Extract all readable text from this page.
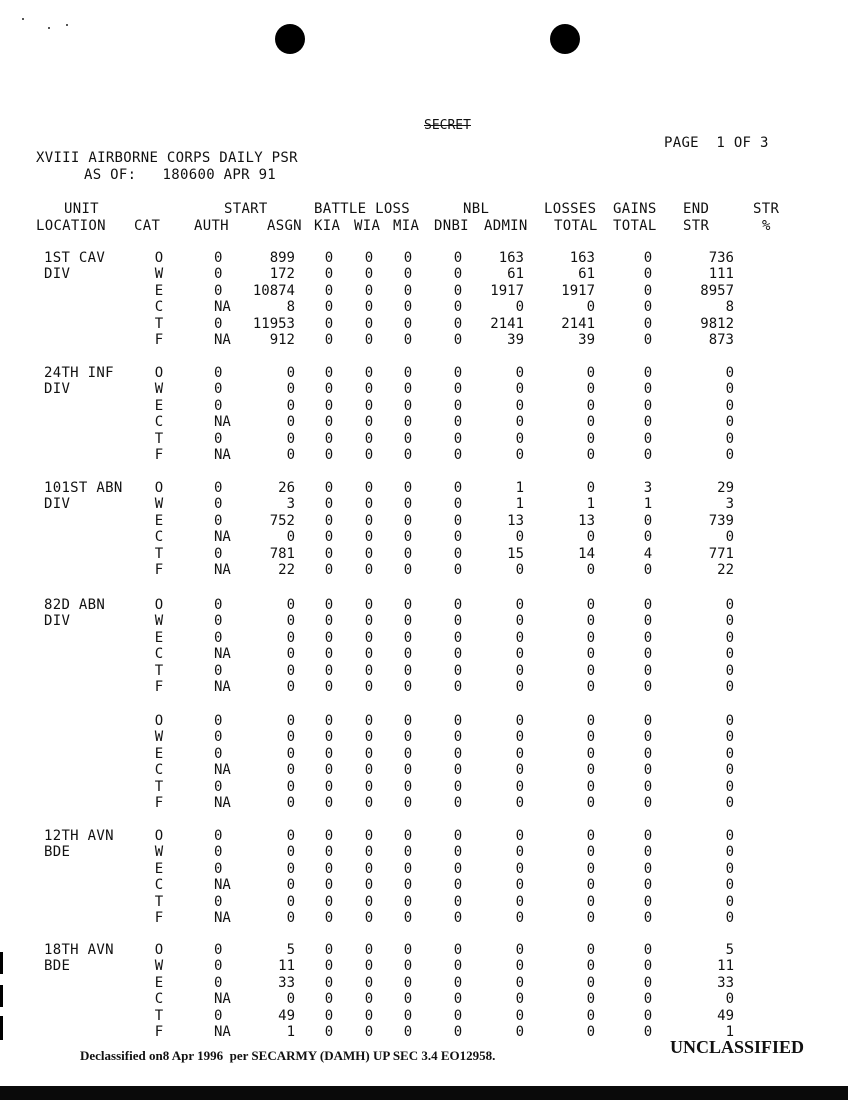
SECRET
PAGE  1 OF 3
XVIII AIRBORNE CORPS DAILY PSR
AS OF:   180600 APR 91
UNIT
LOCATION CAT
START
AUTH	ASGN
BATTLE LOSS
KIA WIA MIA
NBL
DNBI ADMIN
LOSSES
TOTAL
GAINS
TOTAL
END
STR
STR
%
1ST CAV
DIV
O	0	899 0 0 0	0	163	163	0	736
W	0	172 0 0 0	0	61	61	0	111
E	0	10874 0 0 0	0	1917	1917	0	8957
C	NA	8 0 0 0	0	0	0	0	8
T	0	11953 0 0 0	0	2141	2141	0	9812
F	NA	912 0 0 0	0	39	39	0	873
24TH INF
DIV
O	0	0 0 0 0	0	0	0	0	0
W	0	0 0 0 0	0	0	0	0	0
E	0	0 0 0 0	0	0	0	0	0
C	NA	0 0 0 0	0	0	0	0	0
T	0	0 0 0 0	0	0	0	0	0
F	NA	0 0 0 0	0	0	0	0	0
101ST ABN
DIV
O	0	26 0 0 0	0	1	0	3	29
W	0	3 0 0 0	0	1	1	1	3
E	0	752 0 0 0	0	13	13	0	739
C	NA	0 0 0 0	0	0	0	0	0
T	0	781 0 0 0	0	15	14	4	771
F	NA	22 0 0 0	0	0	0	0	22
82D ABN
DIV
O	0	0 0 0 0	0	0	0	0	0
W	0	0 0 0 0	0	0	0	0	0
E	0	0 0 0 0	0	0	0	0	0
C	NA	0 0 0 0	0	0	0	0	0
T	0	0 0 0 0	0	0	0	0	0
F	NA	0 0 0 0	0	0	0	0	0
O	0	0 0 0 0	0	0	0	0	0
W	0	0 0 0 0	0	0	0	0	0
E	0	0 0 0 0	0	0	0	0	0
C	NA	0 0 0 0	0	0	0	0	0
T	0	0 0 0 0	0	0	0	0	0
F	NA	0 0 0 0	0	0	0	0	0
12TH AVN
BDE
O	0	0 0 0 0	0	0	0	0	0
W	0	0 0 0 0	0	0	0	0	0
E	0	0 0 0 0	0	0	0	0	0
C	NA	0 0 0 0	0	0	0	0	0
T	0	0 0 0 0	0	0	0	0	0
F	NA	0 0 0 0	0	0	0	0	0
18TH AVN
BDE
O	0	5 0 0 0	0	0	0	0	5
W	0	11 0 0 0	0	0	0	0	11
E	0	33 0 0 0	0	0	0	0	33
C	NA	0 0 0 0	0	0	0	0	0
T	0	49 0 0 0	0	0	0	0	49
F	NA	1 0 0 0	0	0	0	0	1
Declassified on8 Apr 1996  per SECARMY (DAMH) UP SEC 3.4 EO12958.	UNCLASSIFIED
